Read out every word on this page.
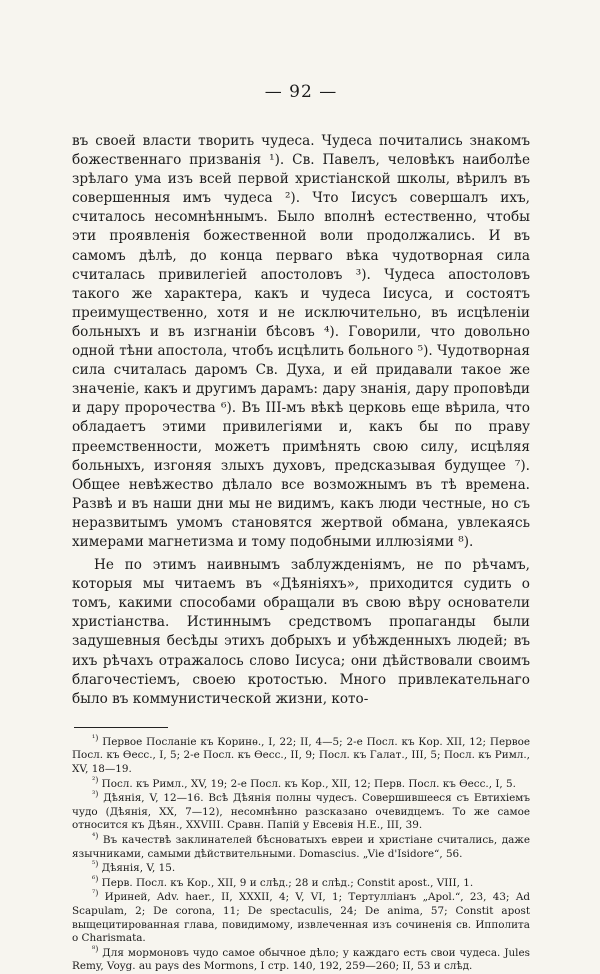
— 92 —

въ своей власти творить чудеса. Чудеса почитались знакомъ божественнаго призванія ¹). Св. Павелъ, человѣкъ наиболѣе зрѣлаго ума изъ всей первой христіанской школы, вѣрилъ въ совершенныя имъ чудеса ²). Что Іисусъ совершалъ ихъ, считалось несомнѣннымъ. Было вполнѣ естественно, чтобы эти проявленія божественной воли продолжались. И въ самомъ дѣлѣ, до конца перваго вѣка чудотворная сила считалась привилегіей апостоловъ ³). Чудеса апостоловъ такого же характера, какъ и чудеса Іисуса, и состоятъ преимущественно, хотя и не исключительно, въ исцѣленіи больныхъ и въ изгнаніи бѣсовъ ⁴). Говорили, что довольно одной тѣни апостола, чтобъ исцѣлить больного ⁵). Чудотворная сила считалась даромъ Св. Духа, и ей придавали такое же значеніе, какъ и другимъ дарамъ: дару знанія, дару проповѣди и дару пророчества ⁶). Въ III-мъ вѣкѣ церковь еще вѣрила, что обладаетъ этими привилегіями и, какъ бы по праву преемственности, можетъ примѣнять свою силу, исцѣляя больныхъ, изгоняя злыхъ духовъ, предсказывая будущее ⁷). Общее невѣжество дѣлало все возможнымъ въ тѣ времена. Развѣ и въ наши дни мы не видимъ, какъ люди честные, но съ неразвитымъ умомъ становятся жертвой обмана, увлекаясь химерами магнетизма и тому подобными иллюзіями ⁸).

Не по этимъ наивнымъ заблужденіямъ, не по рѣчамъ, которыя мы читаемъ въ «Дѣяніяхъ», приходится судить о томъ, какими способами обращали въ свою вѣру основатели христіанства. Истиннымъ средствомъ пропаганды были задушевныя бесѣды этихъ добрыхъ и убѣжденныхъ людей; въ ихъ рѣчахъ отражалось слово Іисуса; они дѣйствовали своимъ благочестіемъ, своею кротостью. Много привлекательнаго было въ коммунистической жизни, кото-

$^{^1)}$ Первое Посланіе къ Коринѳ., I, 22; II, 4—5; 2-е Посл. къ Кор. XII, 12; Первое Посл. къ Ѳесс., I, 5; 2-е Посл. къ Ѳесс., II, 9; Посл. къ Галат., III, 5; Посл. къ Римл., XV, 18—19.

$^{^2)}$ Посл. къ Римл., XV, 19; 2-е Посл. къ Кор., XII, 12; Перв. Посл. къ Ѳесс., I, 5.

$^{^3)}$ Дѣянія, V, 12—16. Всѣ Дѣянія полны чудесъ. Совершившееся съ Евтихіемъ чудо (Дѣянія, XX, 7—12), несомнѣнно разсказано очевидцемъ. То же самое относится къ Дѣян., XXVIII. Сравн. Папій у Евсевія Н.Е., III, 39.

$^{^4)}$ Въ качествѣ заклинателей бѣсноватыхъ евреи и христіане считались, даже язычниками, самыми дѣйствительными. Domascius. „Vie d'Isidore“, 56.

$^{^5)}$ Дѣянія, V, 15.

$^{^6)}$ Перв. Посл. къ Кор., XII, 9 и слѣд.; 28 и слѣд.; Constit apost., VIII, 1.

$^{^7)}$ Ириней, Adv. haer., II, XXXII, 4; V, VI, 1; Тертулліанъ „Apol.“, 23, 43; Ad Scapulam, 2; De corona, 11; De spectaculis, 24; De anima, 57; Constit apost выщецитированная глава, повидимому, извлеченная изъ сочиненія св. Ипполита о Charismata.

$^{^8)}$ Для мормоновъ чудо самое обычное дѣло; у каждаго есть свои чудеса. Jules Remy, Voyg. au pays des Mormons, I стр. 140, 192, 259—260; II, 53 и слѣд.
